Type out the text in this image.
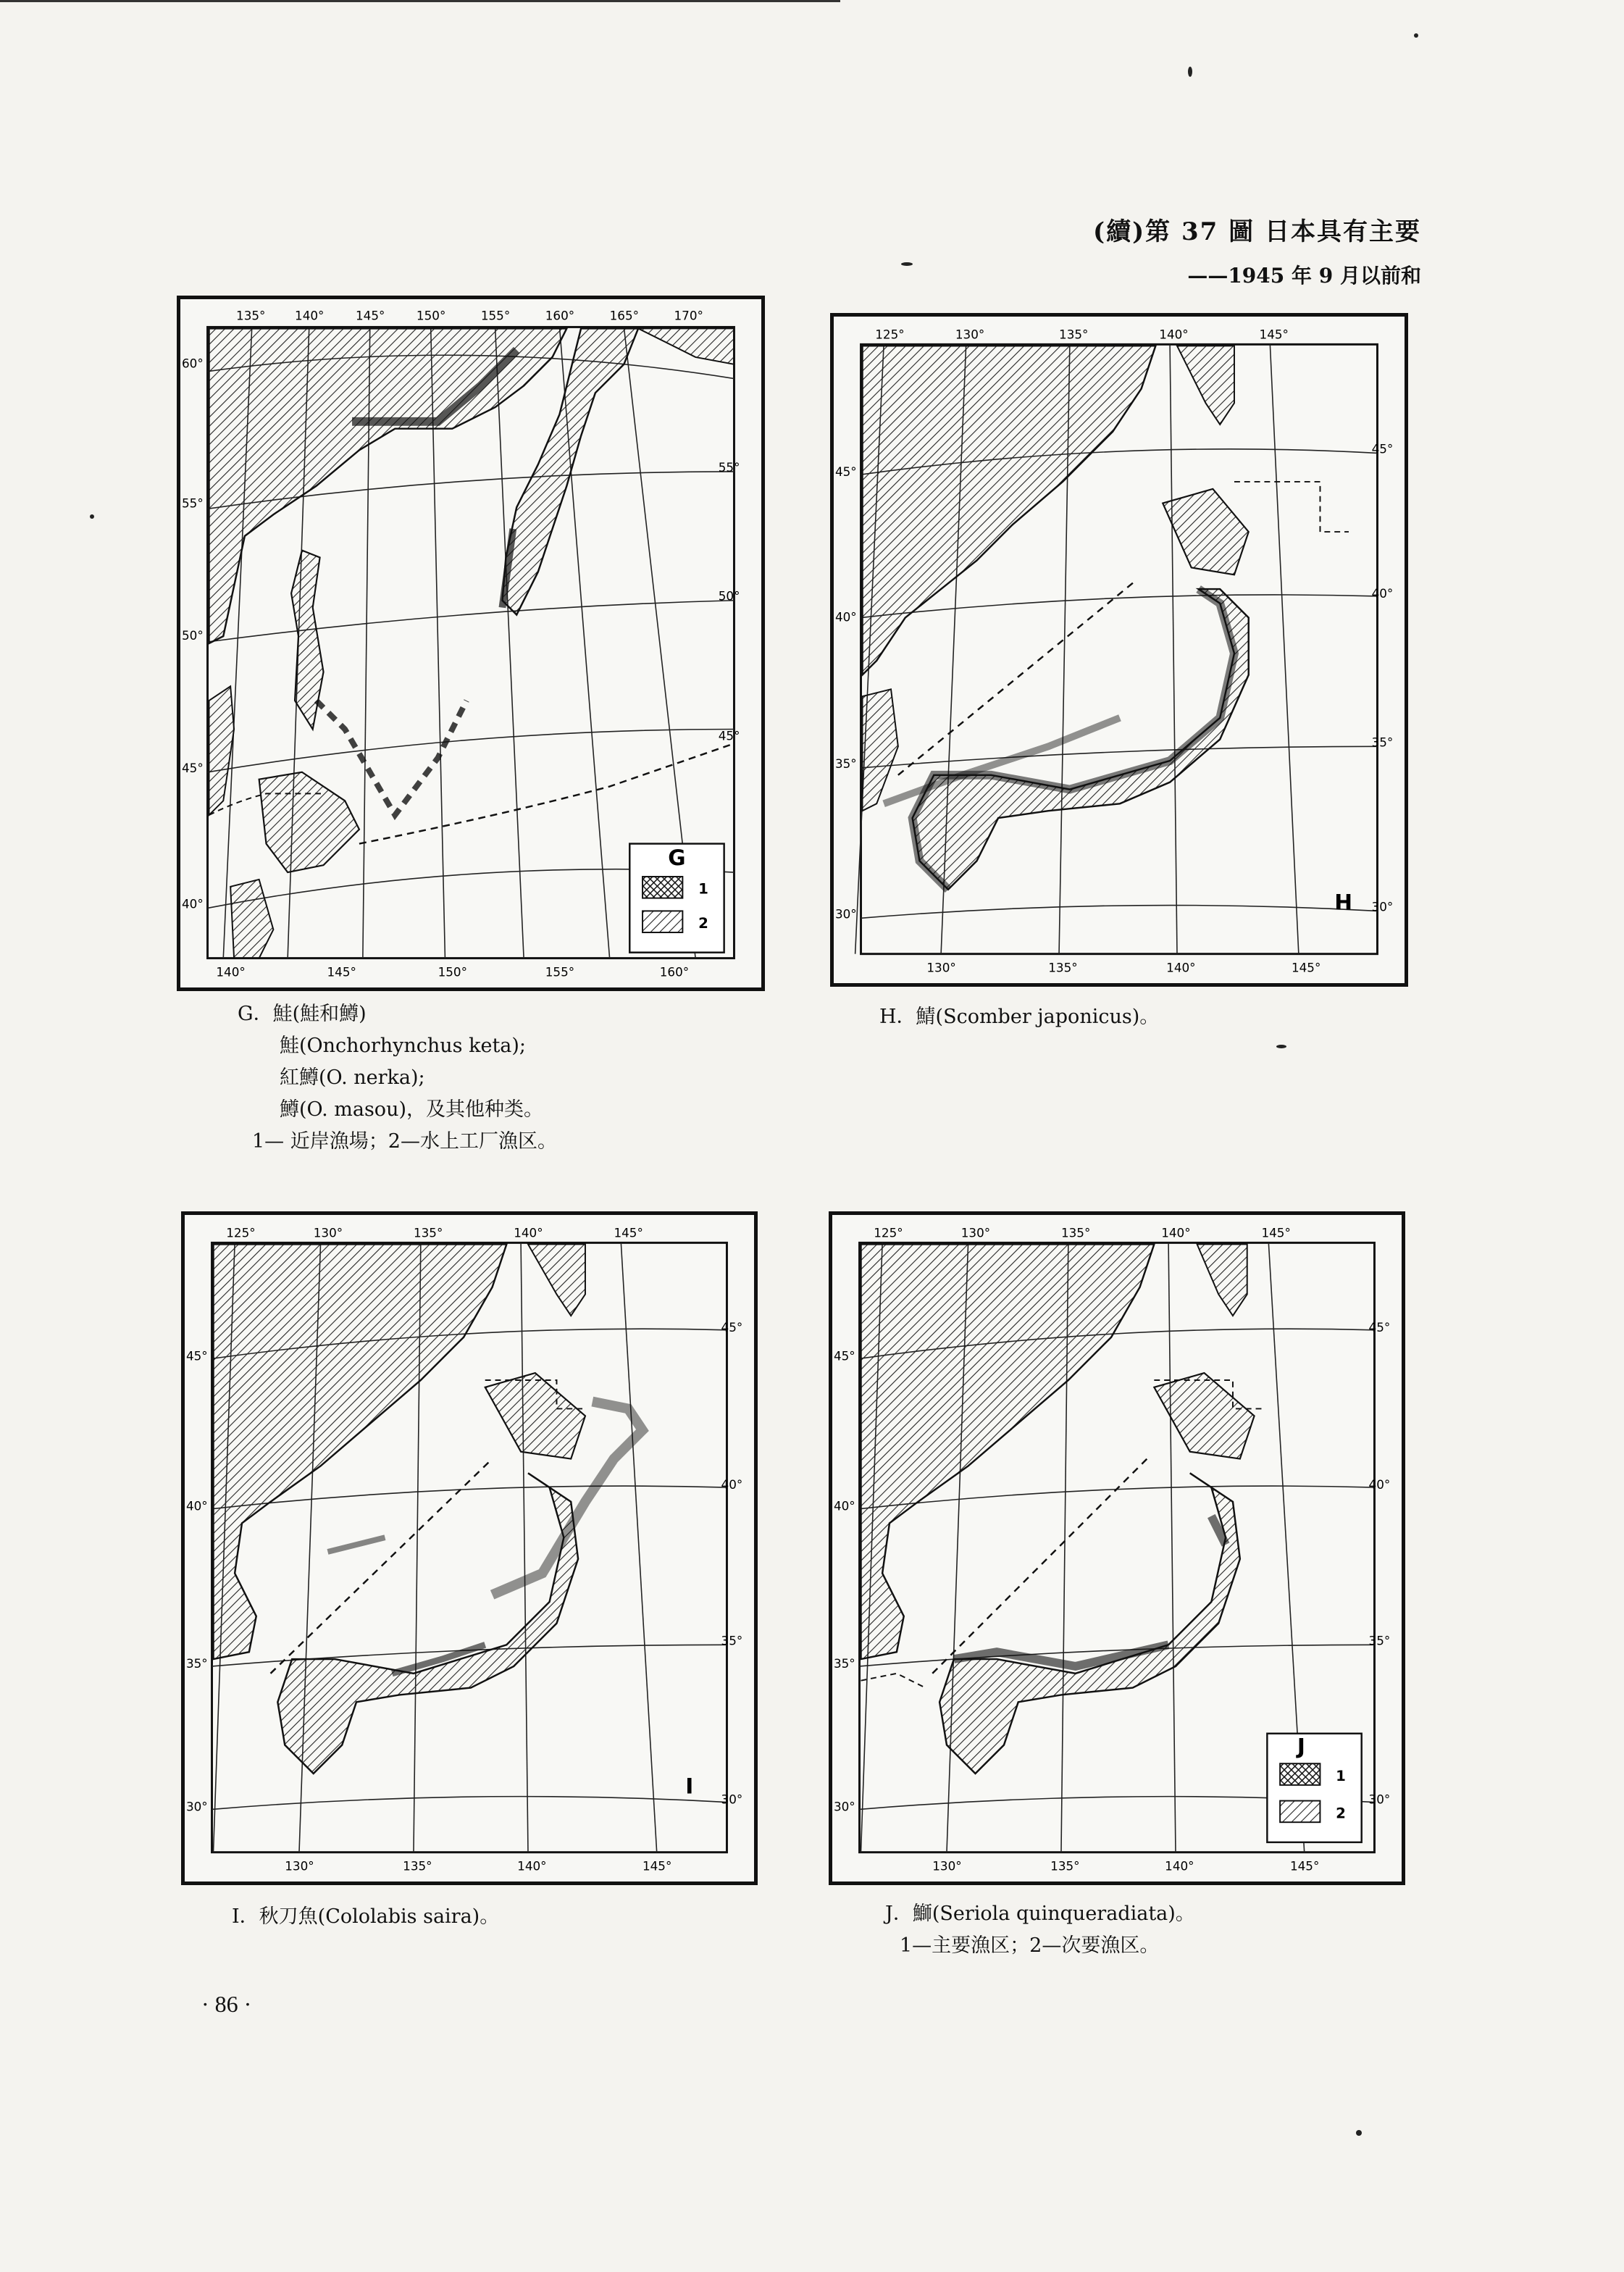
(續)第 37 圖 日本具有主要
——1945 年 9 月以前和
G
1
2
135° 140°	145°	150°	155°	160°	165°	170°
140°	145°	150°	155°	160°
60°
55°
50°
45°
40°
55°
50°
45°
H
125°	130°	135°	140°	145°
130°	135°	140°	145°
45°
40°
35°
30°
45°
40°
35°
30°
I
125°	130°	135°	140°	145°
130°	135°	140°	145°
45°
40°
35°
30°
45°
40°
35°
30°
J
1
2
125°	130°	135°	140°	145°
130°	135°	140°	145°
45°
40°
35°
30°
45°
40°
35°
30°
G．鮭(鮭和鱒)
鮭(Onchorhynchus keta);
紅鱒(O. nerka);
鱒(O. masou)，及其他种类。
1— 近岸漁場；2—水上工厂漁区。
H．鯖(Scomber japonicus)。
I．秋刀魚(Cololabis saira)。	J．鰤(Seriola quinqueradiata)。
1—主要漁区；2—次要漁区。
· 86 ·
